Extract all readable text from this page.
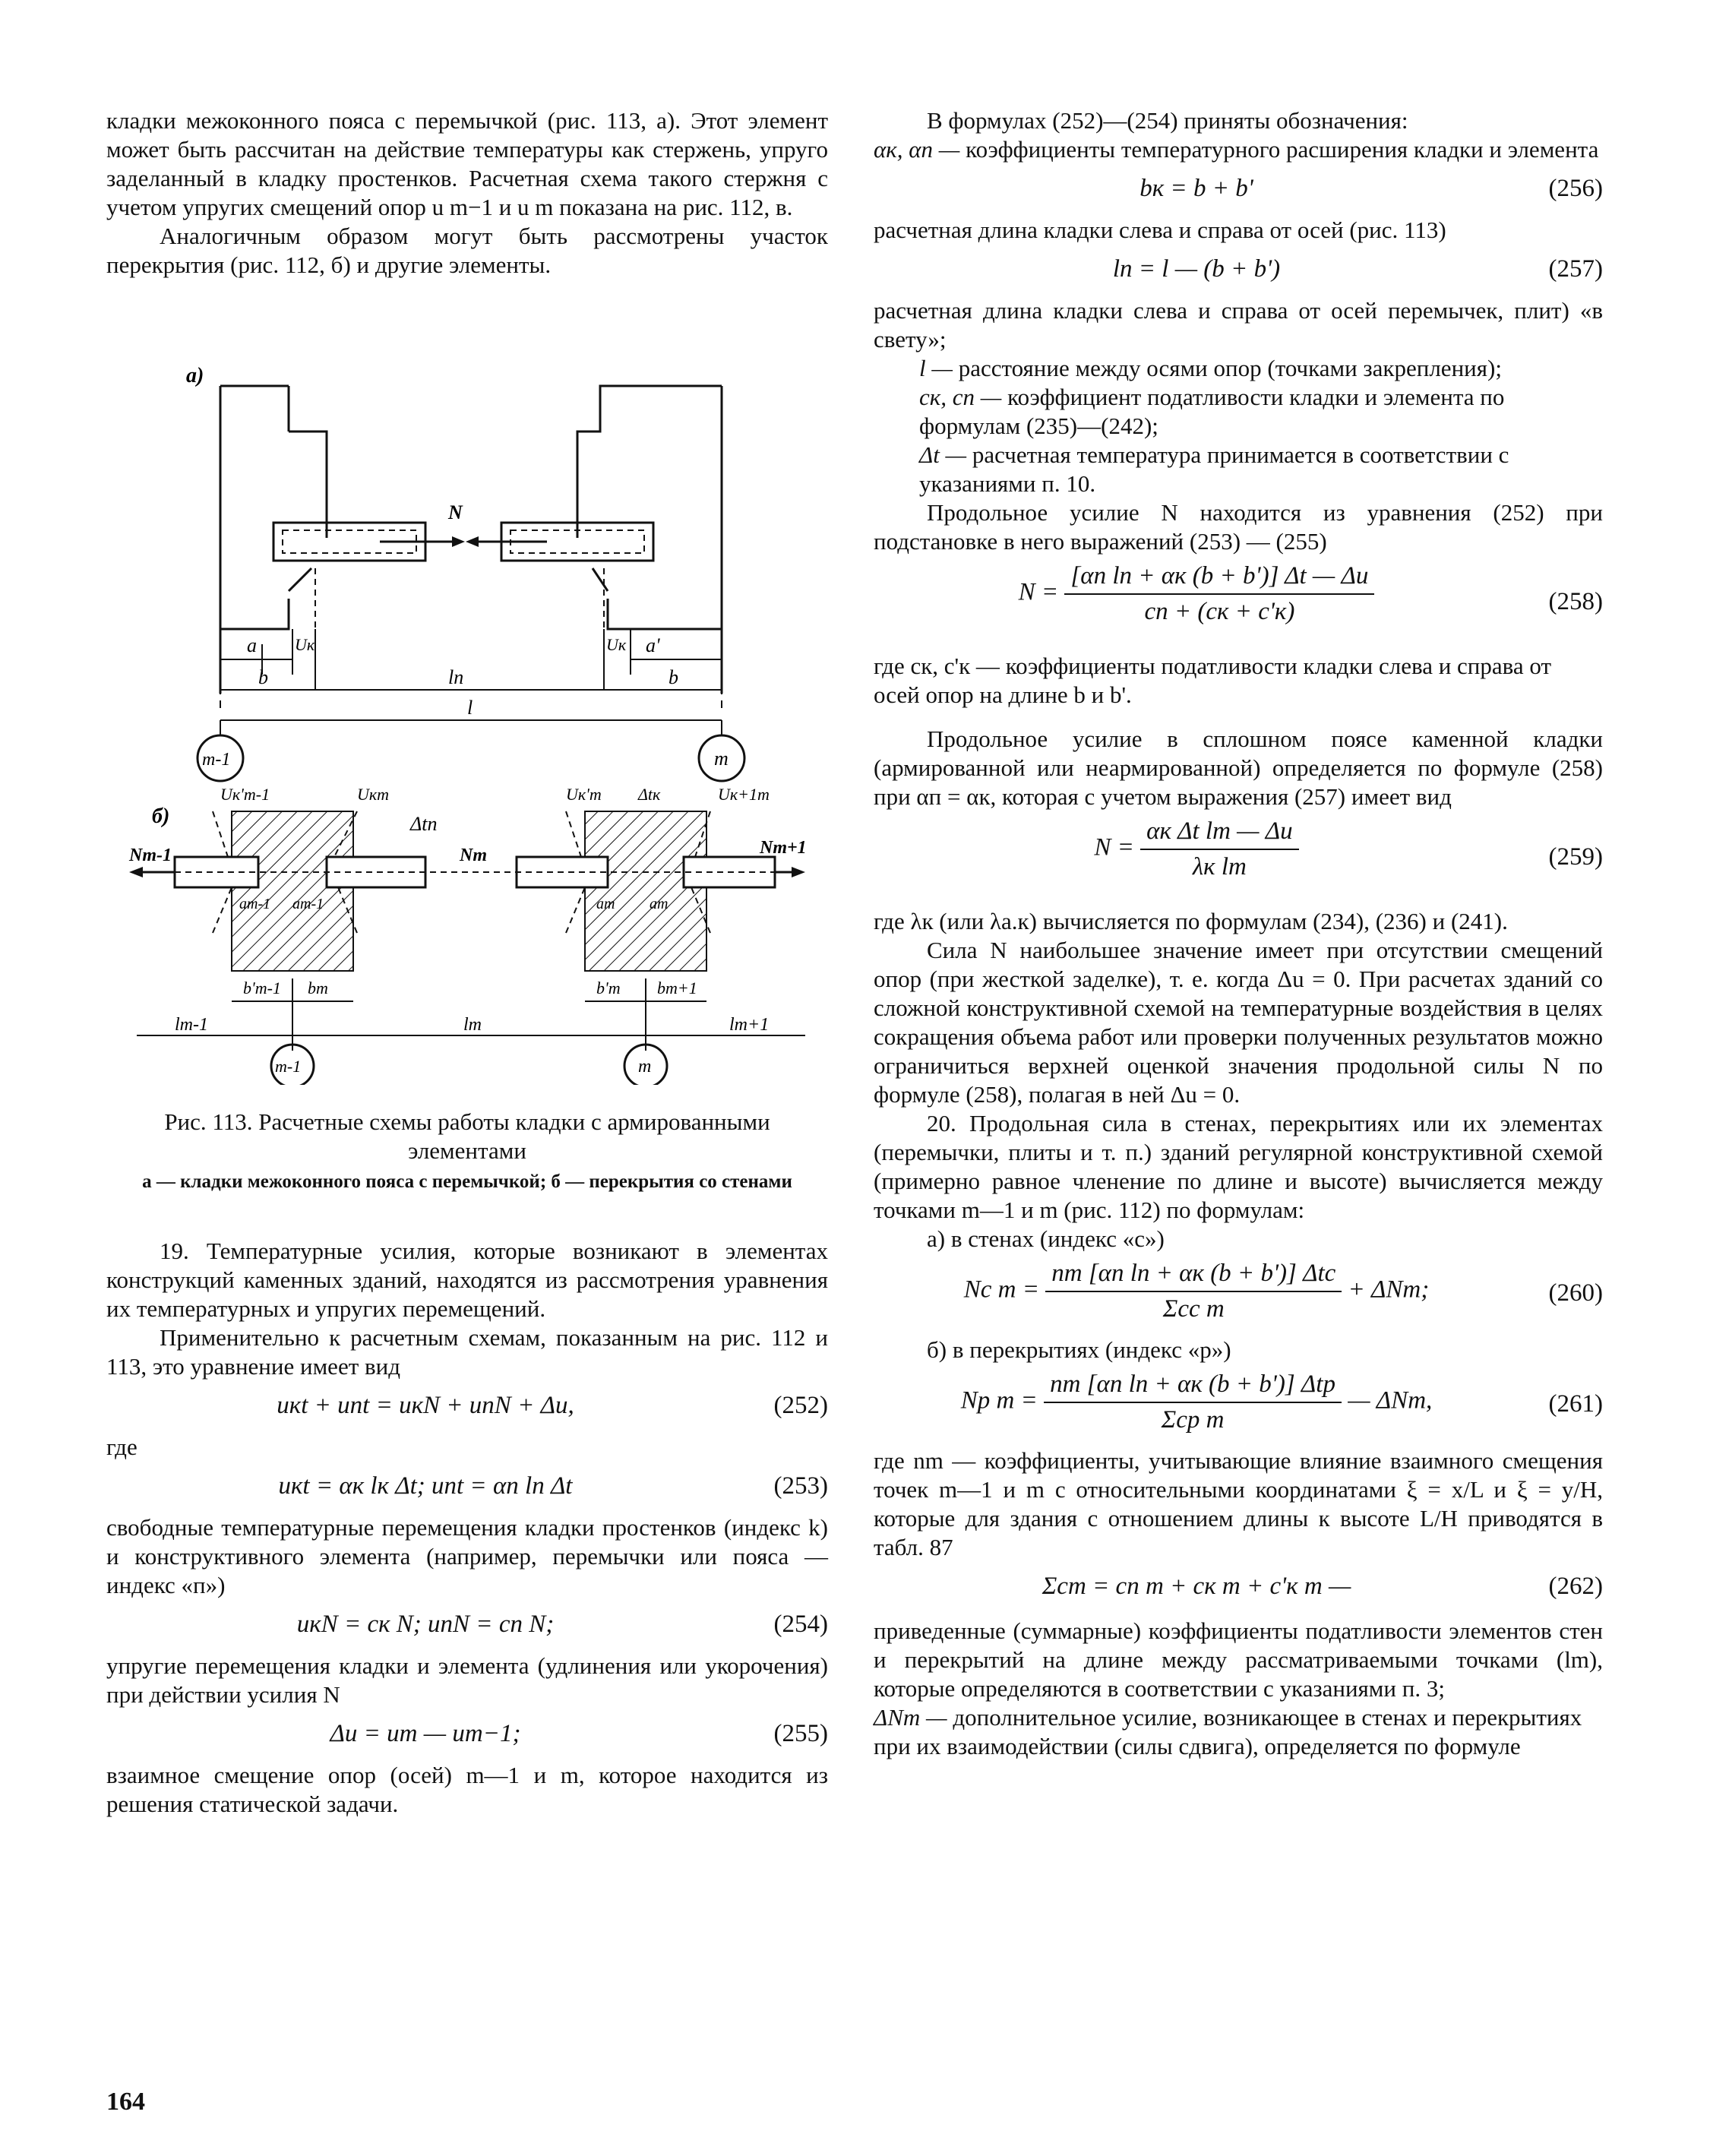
кладки межоконного пояса с перемычкой (рис. 113, а). Этот элемент может быть рассчитан на действие температуры как стержень, упруго заделанный в кладку простенков. Расчетная схема такого стержня с учетом упругих смещений опор u m−1 и u m показана на рис. 112, в.

Аналогичным образом могут быть рассмотрены участок перекрытия (рис. 112, б) и другие элементы.

а)
N
a Uк	a'
Uк
b	lп	b
l
m-1	m
б)
Nm-1	Nm	Nm+1
Uкʹm-1	Uкm	Uкʹm Δtк	Uк+1m
Δtп
am-1 am-1	am am
bʹm-1 bm	bʹm bm+1
lm-1	lm	lm+1
m-1	m

Рис. 113. Расчетные схемы работы кладки с армированными элементами

а — кладки межоконного пояса с перемычкой; б — перекрытия со стенами

19. Температурные усилия, которые возникают в элементах конструкций каменных зданий, находятся из рассмотрения уравнения их температурных и упругих перемещений.

Применительно к расчетным схемам, показанным на рис. 112 и 113, это уравнение имеет вид

uкt + uпt = uкN + uпN + Δu,	(252)

где

uкt = αк lк Δt; uпt = αп lп Δt	(253)

свободные температурные перемещения кладки простенков (индекс k) и конструктивного элемента (например, перемычки или пояса — индекс «п»)

uкN = cк N; uпN = cп N;	(254)

упругие перемещения кладки и элемента (удлинения или укорочения) при действии усилия N

Δu = um — um−1;	(255)

взаимное смещение опор (осей) m—1 и m, которое находится из решения статической задачи.

В формулах (252)—(254) приняты обозначения:

αк, αп — коэффициенты температурного расширения кладки и элемента
bк = b + b'	(256)

расчетная длина кладки слева и справа от осей (рис. 113)

lп = l — (b + b')	(257)

расчетная длина кладки слева и справа от осей перемычек, плит) «в свету»;

l — расстояние между осями опор (точками закрепления);
cк, cп — коэффициент податливости кладки и элемента по формулам (235)—(242);
Δt — расчетная температура принимается в соответствии с указаниями п. 10.

Продольное усилие N находится из уравнения (252) при подстановке в него выражений (253) — (255)

$N = \frac{\text{[αп lп + αк (b + b')] Δt — Δu}}{cп + (cк + c'к)}$	(258)

где cк, c'к — коэффициенты податливости кладки слева и справа от осей опор на длине b и b'.

Продольное усилие в сплошном поясе каменной кладки (армированной или неармированной) определяется по формуле (258) при αп = αк, которая с учетом выражения (257) имеет вид

$N = \frac{\text{αк Δt lm — Δu}}{\text{λк lm}}$	(259)

где λк (или λа.к) вычисляется по формулам (234), (236) и (241).

Сила N наибольшее значение имеет при отсутствии смещений опор (при жесткой заделке), т. е. когда Δu = 0. При расчетах зданий со сложной конструктивной схемой на температурные воздействия в целях сокращения объема работ или проверки полученных результатов можно ограничиться верхней оценкой значения продольной силы N по формуле (258), полагая в ней Δu = 0.

20. Продольная сила в стенах, перекрытиях или их элементах (перемычки, плиты и т. п.) зданий регулярной конструктивной схемой (примерно равное членение по длине и высоте) вычисляется между точками m—1 и m (рис. 112) по формулам:

а) в стенах (индекс «с»)

Nс $m = \frac{\text{nm [αп lп + αк (b + b')] Δtс}}{\text{Σcс m}} + \Delta Nm$;	(260)

б) в перекрытиях (индекс «р»)

Nр $m = \frac{\text{nm [αп lп + αк (b + b')] Δtр}}{\text{Σcр m}}$ — ΔNm,	(261)

где nm — коэффициенты, учитывающие влияние взаимного смещения точек m—1 и m с относительными координатами ξ = x/L и ξ = y/H, которые для здания с отношением длины к высоте L/H приводятся в табл. 87

Σcm = cп m + cк m + c'к m —	(262)

приведенные (суммарные) коэффициенты податливости элементов стен и перекрытий на длине между рассматриваемыми точками (lm), которые определяются в соответствии с указаниями п. 3;

ΔNm — дополнительное усилие, возникающее в стенах и перекрытиях при их взаимодействии (силы сдвига), определяется по формуле
164
